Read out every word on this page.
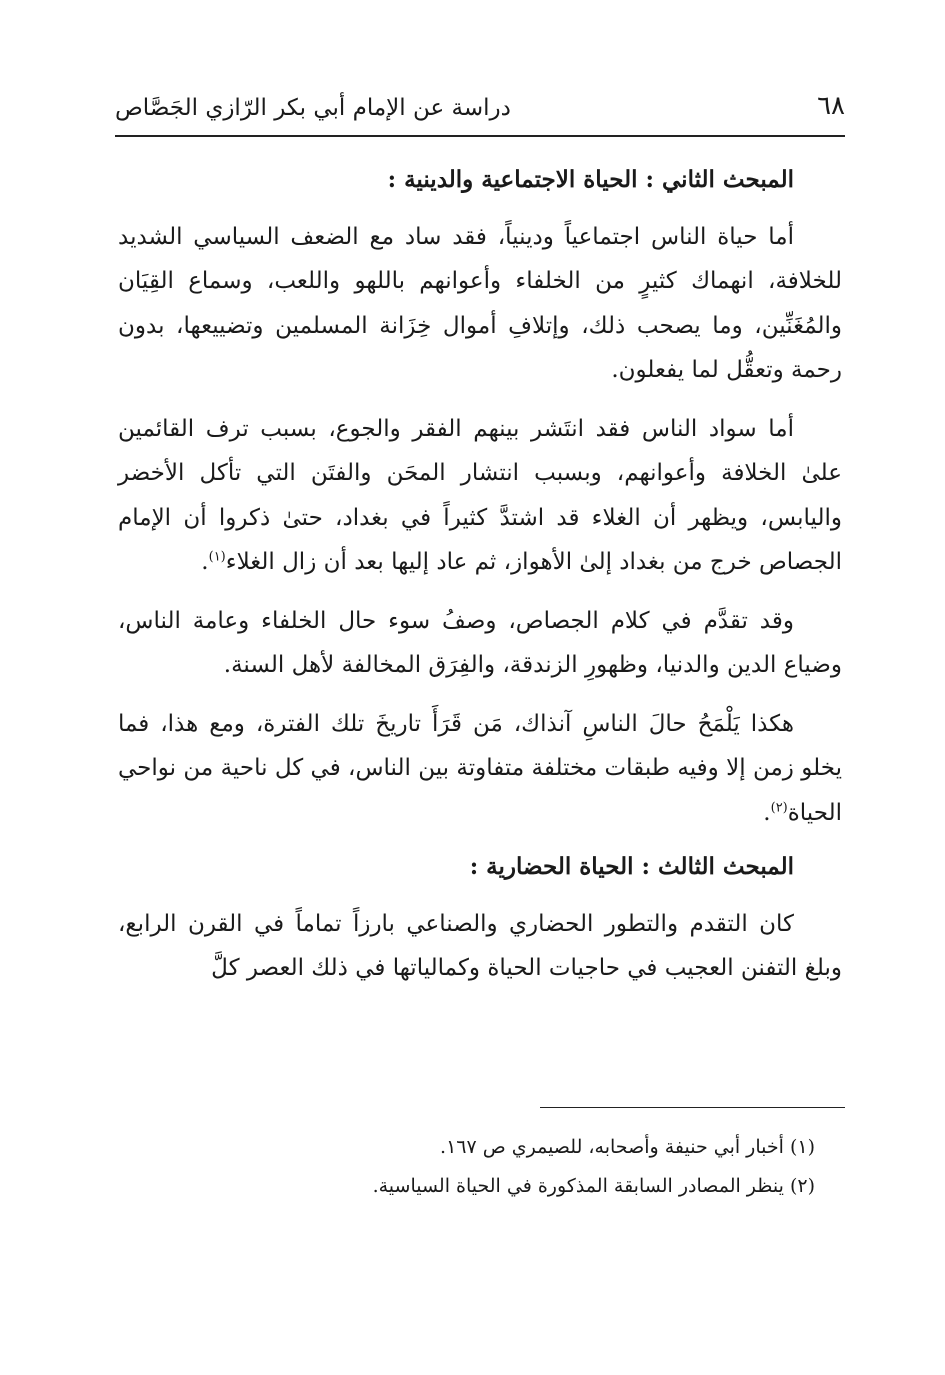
٦٨
دراسة عن الإمام أبي بكر الرّازي الجَصَّاص
المبحث الثاني : الحياة الاجتماعية والدينية :

أما حياة الناس اجتماعياً ودينياً، فقد ساد مع الضعف السياسي الشديد للخلافة، انهماك كثيرٍ من الخلفاء وأعوانهم باللهو واللعب، وسماع القِيَان والمُغَنِّين، وما يصحب ذلك، وإتلافِ أموال خِزَانة المسلمين وتضييعها، بدون رحمة وتعقُّل لما يفعلون.

أما سواد الناس فقد انتَشر بينهم الفقر والجوع، بسبب ترف القائمين علىٰ الخلافة وأعوانهم، وبسبب انتشار المحَن والفتَن التي تأكل الأخضر واليابس، ويظهر أن الغلاء قد اشتدَّ كثيراً في بغداد، حتىٰ ذكروا أن الإمام الجصاص خرج من بغداد إلىٰ الأهواز، ثم عاد إليها بعد أن زال الغلاء$^{(١)}$.

وقد تقدَّم في كلام الجصاص، وصفُ سوء حال الخلفاء وعامة الناس، وضياع الدين والدنيا، وظهورِ الزندقة، والفِرَق المخالفة لأهل السنة.

هكذا يَلْمَحُ حالَ الناسِ آنذاك، مَن قَرَأَ تاريخَ تلك الفترة، ومع هذا، فما يخلو زمن إلا وفيه طبقات مختلفة متفاوتة بين الناس، في كل ناحية من نواحي الحياة$^{(٢)}$.

المبحث الثالث : الحياة الحضارية :

كان التقدم والتطور الحضاري والصناعي بارزاً تماماً في القرن الرابع، وبلغ التفنن العجيب في حاجيات الحياة وكمالياتها في ذلك العصر كلَّ

(١) أخبار أبي حنيفة وأصحابه، للصيمري ص ١٦٧.

(٢) ينظر المصادر السابقة المذكورة في الحياة السياسية.
